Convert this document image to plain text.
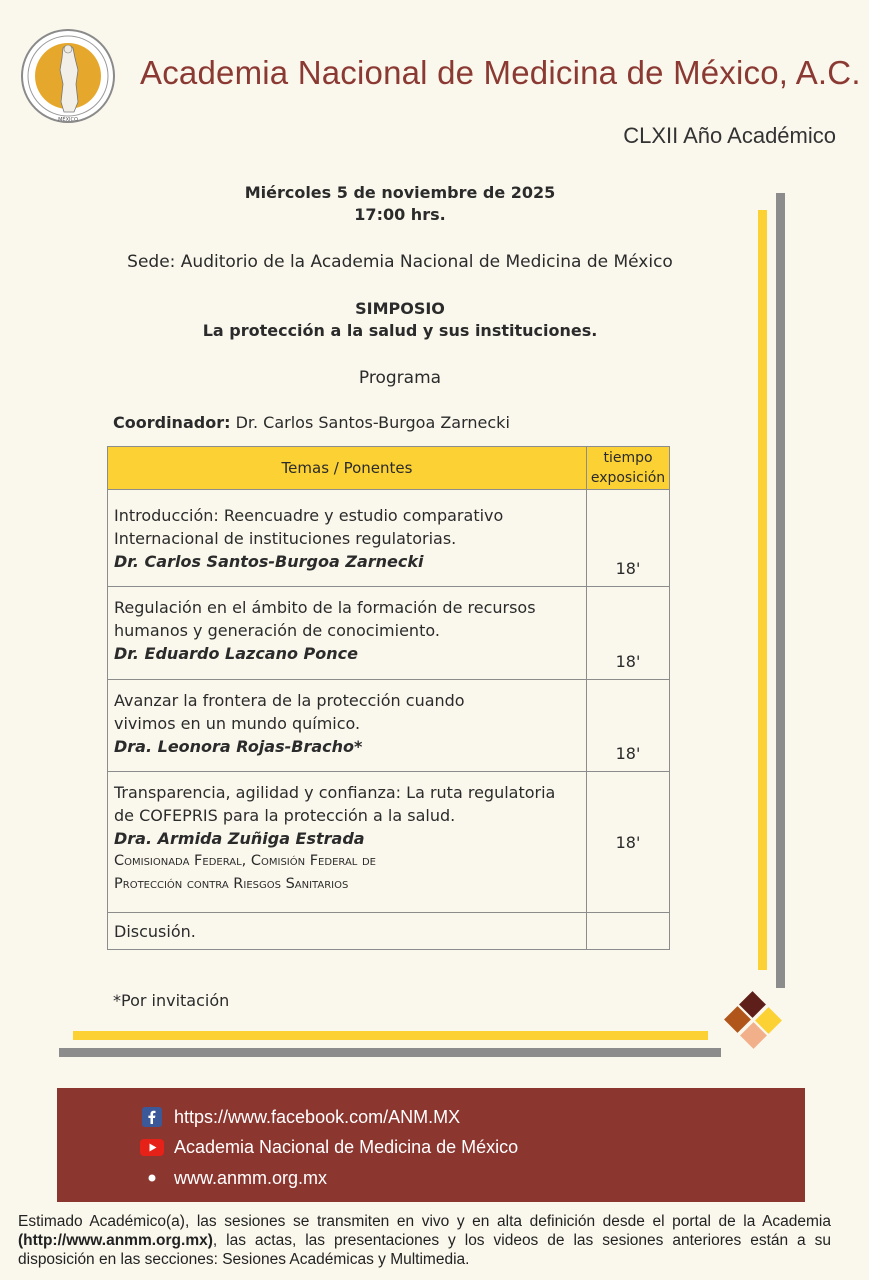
MÉXICO
Academia Nacional de Medicina de México, A.C.
CLXII Año Académico
Miércoles 5 de noviembre de 2025
17:00 hrs.
Sede: Auditorio de la Academia Nacional de Medicina de México
SIMPOSIO
La protección a la salud y sus instituciones.
Programa
Coordinador: Dr. Carlos Santos-Burgoa Zarnecki
Temas / Ponentes	tiempo
exposición

Introducción: Reencuadre y estudio comparativo
Internacional de instituciones regulatorias.
Dr. Carlos Santos-Burgoa Zarnecki	18'

Regulación en el ámbito de la formación de recursos
humanos y generación de conocimiento.
Dr. Eduardo Lazcano Ponce	18'

Avanzar la frontera de la protección cuando
vivimos en un mundo químico.
Dra. Leonora Rojas-Bracho*	18'

Transparencia, agilidad y confianza: La ruta regulatoria
de COFEPRIS para la protección a la salud.
Dra. Armida Zuñiga Estrada
Comisionada Federal, Comisión Federal de
Protección contra Riesgos Sanitarios	18'
Discusión.	
*Por invitación
https://www.facebook.com/ANM.MX
Academia Nacional de Medicina de México
www.anmm.org.mx
Estimado Académico(a), las sesiones se transmiten en vivo y en alta definición desde el portal de la Academia (http://www.anmm.org.mx), las actas, las presentaciones y los videos de las sesiones anteriores están a su disposición en las secciones: Sesiones Académicas y Multimedia.
